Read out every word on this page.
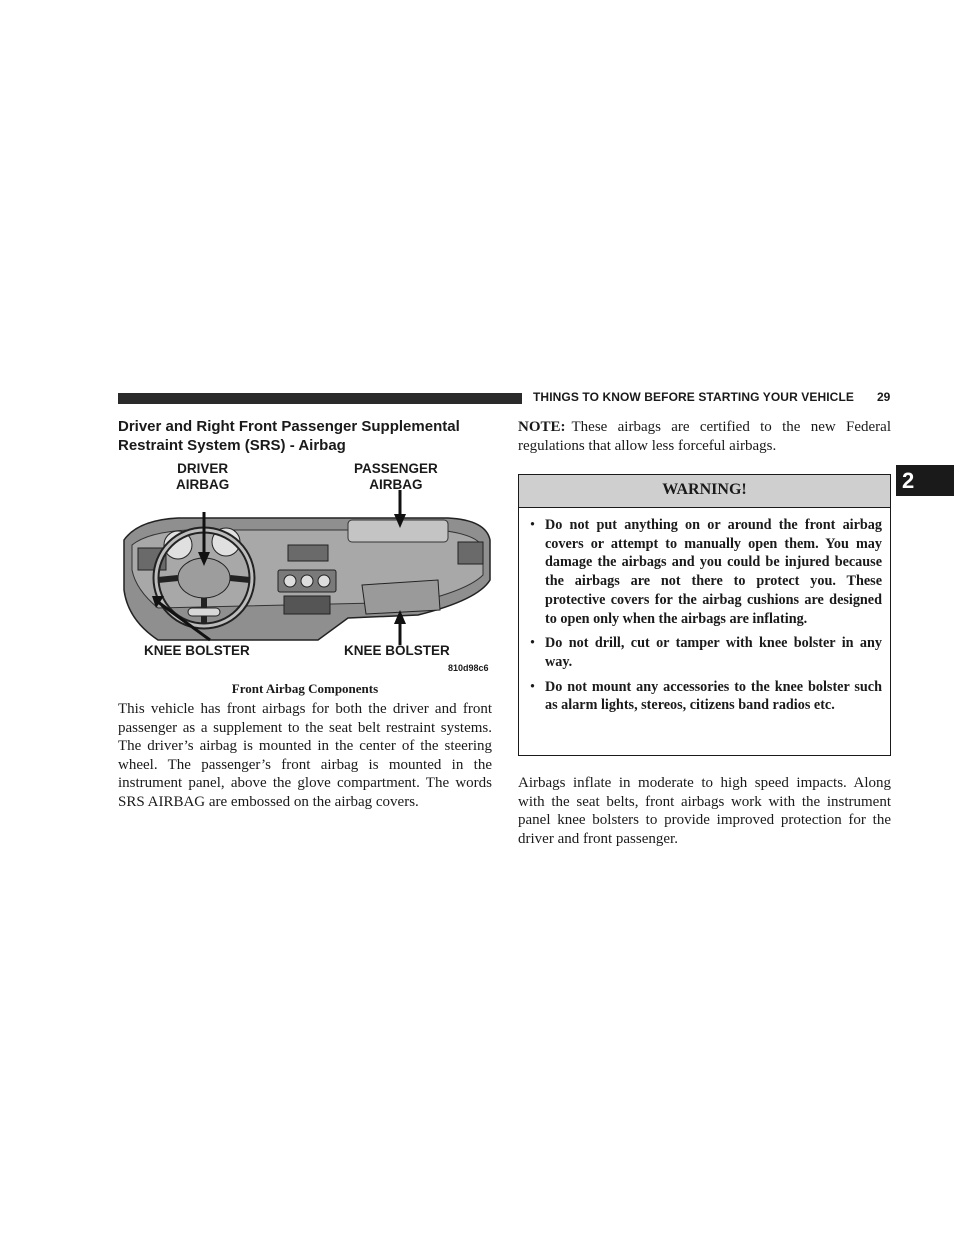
THINGS TO KNOW BEFORE STARTING YOUR VEHICLE 29
2
Driver and Right Front Passenger Supplemental Restraint System (SRS) - Airbag
DRIVER
AIRBAG
PASSENGER
AIRBAG
KNEE BOLSTER	KNEE BOLSTER
810d98c6
Front Airbag Components
This vehicle has front airbags for both the driver and front passenger as a supplement to the seat belt restraint systems. The driver’s airbag is mounted in the center of the steering wheel. The passenger’s front airbag is mounted in the instrument panel, above the glove compartment. The words SRS AIRBAG are embossed on the airbag covers.
NOTE: These airbags are certified to the new Federal regulations that allow less forceful airbags.
WARNING!
• Do not put anything on or around the front airbag covers or attempt to manually open them. You may damage the airbags and you could be injured because the airbags are not there to protect you. These protective covers for the airbag cushions are designed to open only when the airbags are inflating.
• Do not drill, cut or tamper with knee bolster in any way.
• Do not mount any accessories to the knee bolster such as alarm lights, stereos, citizens band radios etc.
Airbags inflate in moderate to high speed impacts. Along with the seat belts, front airbags work with the instrument panel knee bolsters to provide improved protection for the driver and front passenger.
